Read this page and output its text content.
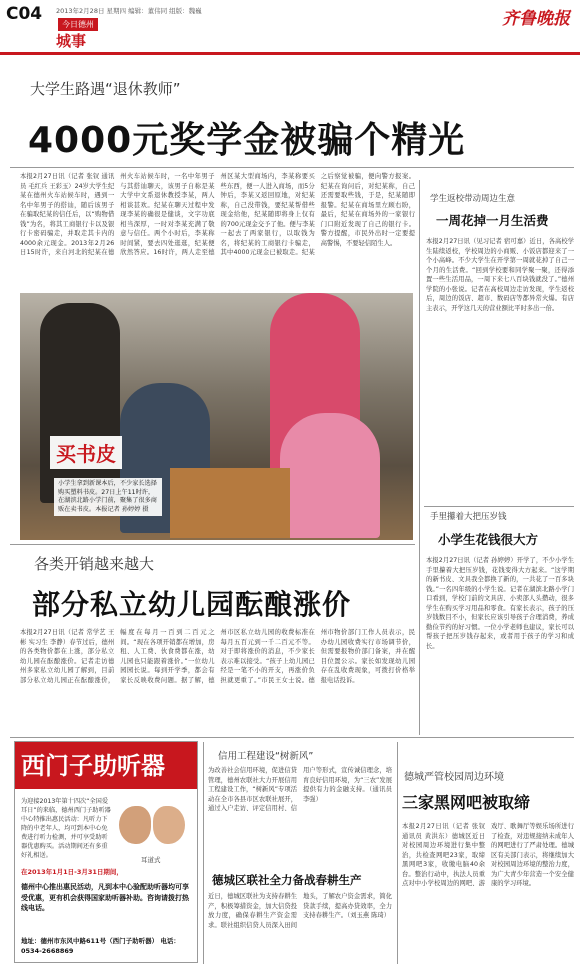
C04 2013年2月28日 星期四 编辑：董伟同 组版：魏巍
今日德州
城事
齐鲁晚报
大学生路遇“退休教师”
4000元奖学金被骗个精光
本报2月27日讯（记者 张钗 通讯员 毛红兵 王彩玉）24岁大学生纪某在德州火车站候车时，遇到一名中年男子的搭讪，随后该男子在骗取纪某的信任后，以“购物借钱”为名，将其工商银行卡以及银行卡密码骗走，并取走其卡内的4000余元现金。2013年2月26日15时许，来自河北的纪某在德州火车站候车时，一名中年男子与其搭讪聊天，该男子自称是某大学中文系退休教授李某，两人相谈甚欢。纪某在聊天过程中发现李某的确很是健谈，文字功底相当深厚，一时对李某充满了敬意与信任。两个小时后，李某称时间紧，要去四处逛逛，纪某便欣然答应。16时许，两人走至德州区某大型商场内，李某称要买些东西，便一人进入商场，而5分钟后，李某又返回原地，对纪某称，自己没带钱，要纪某帮借些现金给他，纪某随即将身上仅有的700元现金交予了他。便与李某一起去了两家银行，以取钱为名，将纪某的工商银行卡骗走，其中4000元现金已被取走。纪某之后察觉被骗，便向警方报案。纪某在询问后，对纪某称，自己还需要取些钱，于是，纪某随即报警。纪某在商场里左顾右盼，最后，纪某在商场外的一家银行门口附近发现了自己的银行卡。警方提醒，市民外出时一定要提高警惕，不要轻信陌生人。
买书皮
小学生拿到新课本后，不少家长选择购买塑料书皮。27日上午11时许，在湖滨北路小学门前，聚集了很多商贩在卖书皮。本报记者 孙婷婷 摄
学生返校带动周边生意
一周花掉一月生活费
本报2月27日讯（见习记者 宿可嘉）近日，各高校学生陆续返校，学校周边的小商贩、小饭店都迎来了一个小高峰。不少大学生在开学第一周就花掉了自己一个月的生活费。“回到学校要和同学聚一聚，还得添置一些生活用品，一周下来七八百块钱就没了。”德州学院的小张说。记者在高校周边走访发现，学生返校后，周边的饭店、超市、数码店等都异常火爆。有店主表示，开学这几天的营业额比平时多出一倍。
手里攥着大把压岁钱
小学生花钱很大方
本报2月27日讯（记者 孙婷婷）开学了，不少小学生手里攥着大把压岁钱，花钱变得大方起来。“这学期的新书皮、文具我全都换了新的，一共花了一百多块钱。”一名四年级的小学生说。记者在湖滨北路小学门口看到，学校门前的文具店、小卖部人头攒动，很多学生在购买学习用品和零食。有家长表示，孩子的压岁钱数目不小，但家长应该引导孩子合理消费，养成勤俭节约的好习惯。一位小学老师也建议，家长可以帮孩子把压岁钱存起来，或者用于孩子的学习和成长。
各类开销越来越大
部分私立幼儿园酝酿涨价
本报2月27日讯（记者 常学艺 王彬 实习生 李静）春节过后，德州的各类物价都在上涨，部分私立幼儿园在酝酿涨价。记者走访德州多家私立幼儿园了解到，目前部分私立幼儿园正在酝酿涨价，幅度在每月一百到二百元之间。“现在各项开销都在增加，房租、人工费、伙食费都在涨，幼儿园也只能跟着涨价。”一位幼儿园园长说。每到开学季，都会有家长反映收费问题。据了解，德州市区私立幼儿园的收费标准在每月五百元到一千二百元不等。对于即将涨价的消息，不少家长表示难以接受。“孩子上幼儿园已经是一笔不小的开支，再涨价负担就更重了。”市民王女士说。德州市物价部门工作人员表示，民办幼儿园收费实行市场调节价，但需要报物价部门备案，并在醒目位置公示。家长如发现幼儿园存在乱收费现象，可拨打价格举报电话投诉。
西门子助听器
为迎接2013年第十四次“全国爱耳日”的来临，德州西门子助听器中心特推出惠民活动：凡听力下降的中老年人，均可到本中心免费进行听力检测，并可享受助听器优惠购买。活动期间还有多重好礼相送。
耳道式
在2013年1月1日-3月31日期间，
德州中心推出惠民活动，凡到本中心验配助听器均可享受优惠，更有机会获得国家助听器补助。咨询请拨打热线电话。
地址：德州市东风中路611号（西门子助听器） 电话：0534-2668869
信用工程建设“树新风”
为改善社会信用环境，促进信贷管理，德州农联社大力开展信用工程建设工作，“树新风”专项活动在全市各县市区农联社展开，通过入户走访、评定信用村、信用户等形式，宣传诚信理念，培育良好信用环境，为“三农”发展提供有力的金融支持。（通讯员 李强）
德城区联社全力备战春耕生产
近日，德城区联社为支持春耕生产，积极筹措资金，加大信贷投放力度，确保春耕生产资金需求。联社组织信贷人员深入田间地头，了解农户资金需求，简化贷款手续，提高办贷效率，全力支持春耕生产。（刘玉燕 陈琦）
德城严管校园周边环境
三家黑网吧被取缔
本报2月27日讯（记者 张钗 通讯员 黄洪东）德城区近日对校园周边环境进行集中整治，共检查网吧23家，取缔黑网吧3家，收缴电脑40余台。整治行动中，执法人员重点对中小学校周边的网吧、游戏厅、歌舞厅等娱乐场所进行了检查，对违规接纳未成年人的网吧进行了严肃处理。德城区有关部门表示，将继续加大对校园周边环境的整治力度，为广大青少年营造一个安全健康的学习环境。
